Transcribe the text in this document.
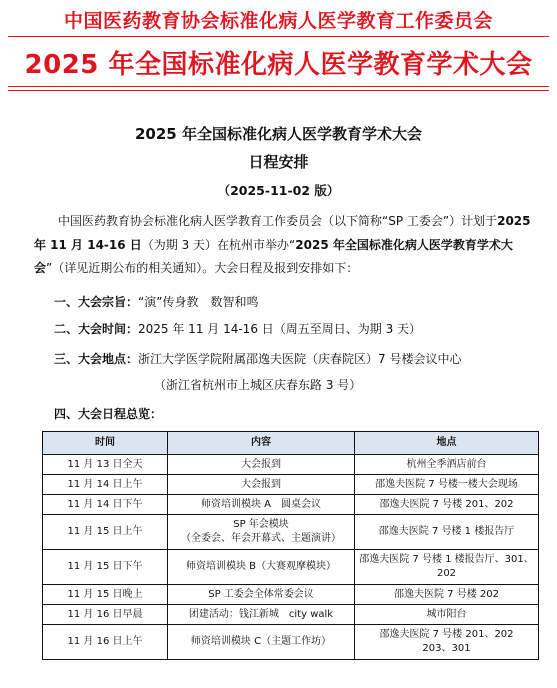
中国医药教育协会标准化病人医学教育工作委员会
2025 年全国标准化病人医学教育学术大会
2025 年全国标准化病人医学教育学术大会
日程安排
（2025-11-02 版）

中国医药教育协会标准化病人医学教育工作委员会（以下简称“SP 工委会”）计划于2025 年 11 月 14-16 日（为期 3 天）在杭州市举办“2025 年全国标准化病人医学教育学术大会”（详见近期公布的相关通知）。大会日程及报到安排如下：

一、大会宗旨：“演”传身教　数智和鸣
二、大会时间：2025 年 11 月 14-16 日（周五至周日、为期 3 天）
三、大会地点：浙江大学医学院附属邵逸夫医院（庆春院区）7 号楼会议中心
（浙江省杭州市上城区庆春东路 3 号）
四、大会日程总览：
时间	内容	地点
11 月 13 日全天	大会报到	杭州全季酒店前台
11 月 14 日上午	大会报到	邵逸夫医院 7 号楼一楼大会现场
11 月 14 日下午	师资培训模块 A　圆桌会议	邵逸夫医院 7 号楼 201、202
11 月 15 日上午	SP 年会模块
（全委会、年会开幕式、主题演讲）	邵逸夫医院 7 号楼 1 楼报告厅
11 月 15 日下午	师资培训模块 B（大赛观摩模块）	邵逸夫医院 7 号楼 1 楼报告厅、301、
202

11 月 15 日晚上	SP 工委会全体常委会议	邵逸夫医院 7 号楼 202
11 月 16 日早晨	团建活动：钱江新城　city walk	城市阳台
11 月 16 日上午	师资培训模块 C（主题工作坊）	邵逸夫医院 7 号楼 201、202
203、301
